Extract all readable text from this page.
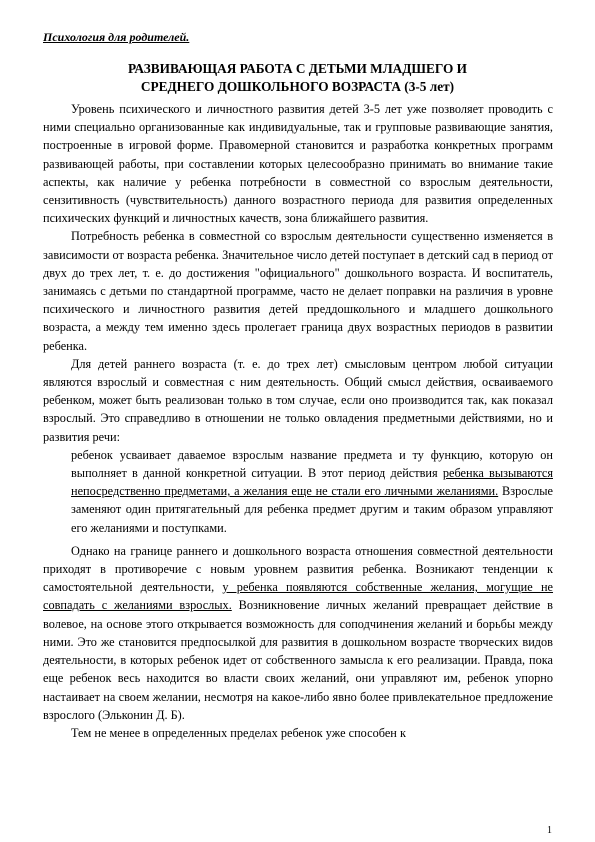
Психология для родителей.
РАЗВИВАЮЩАЯ РАБОТА С ДЕТЬМИ МЛАДШЕГО И
СРЕДНЕГО ДОШКОЛЬНОГО ВОЗРАСТА (3-5 лет)

Уровень психического и личностного развития детей 3-5 лет уже позволяет проводить с ними специально организованные как индивидуальные, так и групповые развивающие занятия, построенные в игровой форме. Правомерной становится и разработка конкретных программ развивающей работы, при составлении которых целесообразно принимать во внимание такие аспекты, как наличие у ребенка потребности в совместной со взрослым деятельности, сензитивность (чувствительность) данного возрастного периода для развития определенных психических функций и личностных качеств, зона ближайшего развития.

Потребность ребенка в совместной со взрослым деятельности существенно изменяется в зависимости от возраста ребенка. Значительное число детей поступает в детский сад в период от двух до трех лет, т. е. до достижения "официального" дошкольного возраста. И воспитатель, занимаясь с детьми по стандартной программе, часто не делает поправки на различия в уровне психического и личностного развития детей преддошкольного и младшего дошкольного возраста, а между тем именно здесь пролегает граница двух возрастных периодов в развитии ребенка.

Для детей раннего возраста (т. е. до трех лет) смысловым центром любой ситуации являются взрослый и совместная с ним деятельность. Общий смысл действия, осваиваемого ребенком, может быть реализован только в том случае, если оно производится так, как показал взрослый. Это справедливо в отношении не только овладения предметными действиями, но и развития речи:

ребенок усваивает даваемое взрослым название предмета и ту функцию, которую он выполняет в данной конкретной ситуации. В этот период действия ребенка вызываются непосредственно предметами, а желания еще не стали его личными желаниями. Взрослые заменяют один притягательный для ребенка предмет другим и таким образом управляют его желаниями и поступками.

Однако на границе раннего и дошкольного возраста отношения совместной деятельности приходят в противоречие с новым уровнем развития ребенка. Возникают тенденции к самостоятельной деятельности, у ребенка появляются собственные желания, могущие не совпадать с желаниями взрослых. Возникновение личных желаний превращает действие в волевое, на основе этого открывается возможность для соподчинения желаний и борьбы между ними. Это же становится предпосылкой для развития в дошкольном возрасте творческих видов деятельности, в которых ребенок идет от собственного замысла к его реализации. Правда, пока еще ребенок весь находится во власти своих желаний, они управляют им, ребенок упорно настаивает на своем желании, несмотря на какое-либо явно более привлекательное предложение взрослого (Эльконин Д. Б).

Тем не менее в определенных пределах ребенок уже способен к

1
